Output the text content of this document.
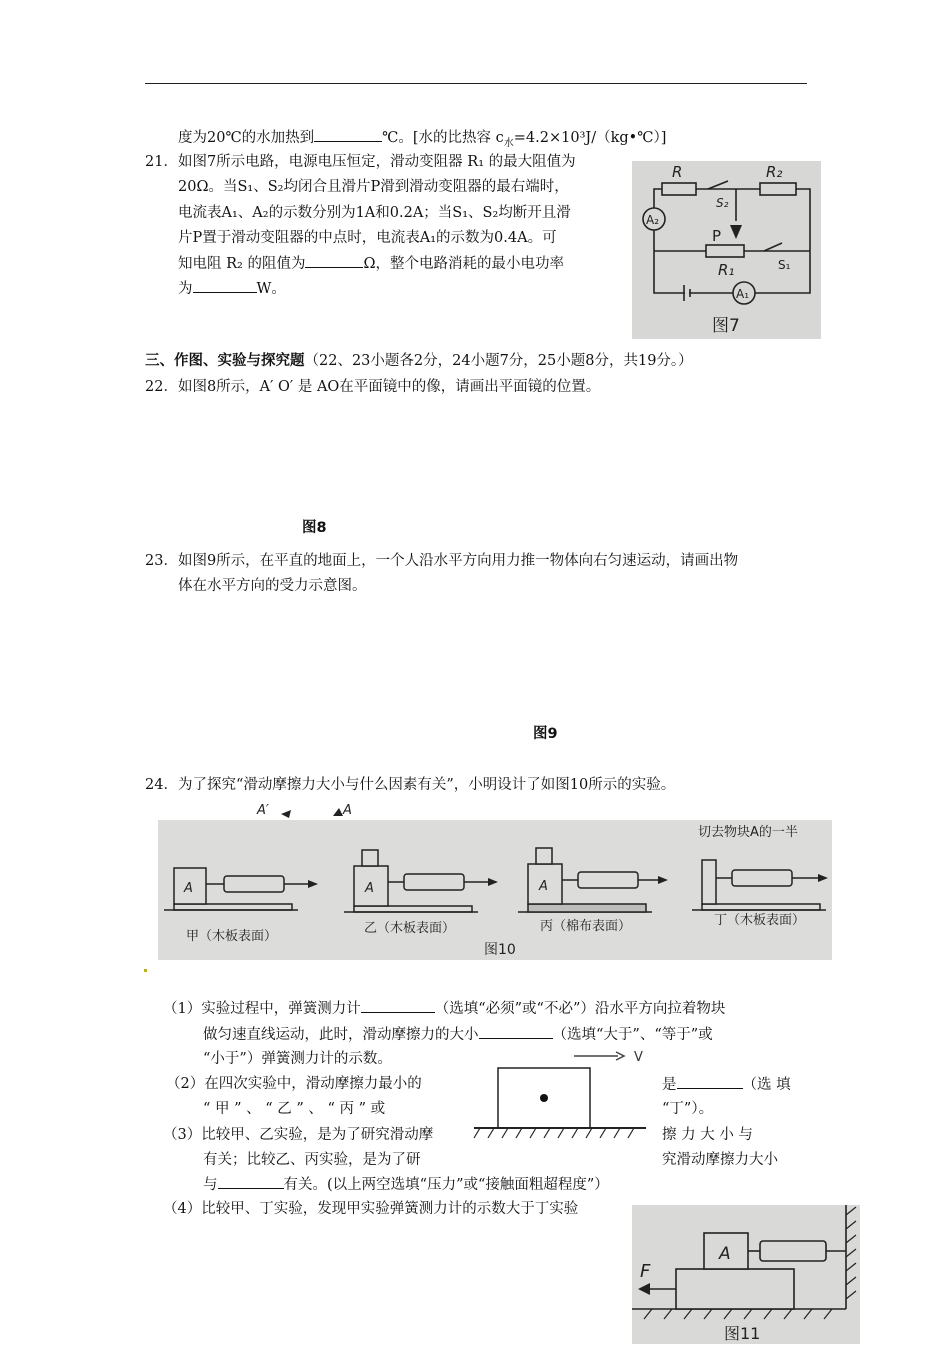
度为20℃的水加热到	℃。[水的比热容 $c_水=4.2\times 10^3J/(kg•℃)$]
21．如图7所示电路，电源电压恒定，滑动变阻器 R₁ 的最大阻值为
20Ω。当S₁、S₂均闭合且滑片P滑到滑动变阻器的最右端时，
电流表A₁、A₂的示数分别为1A和0.2A；当S₁、S₂均断开且滑
片P置于滑动变阻器的中点时，电流表A₁的示数为0.4A。可
知电阻 R₂ 的阻值为	Ω，整个电路消耗的最小电功率
为	W。
R	R₂
S₂
A₂
P
R₁	S₁
A₁
图7
三、作图、实验与探究题（22、23小题各2分，24小题7分，25小题8分，共19分。）
22．如图8所示，A′ O′ 是 AO在平面镜中的像，请画出平面镜的位置。
图8
23．如图9所示，在平直的地面上，一个人沿水平方向用力推一物体向右匀速运动，请画出物
体在水平方向的受力示意图。
图9
24．为了探究“滑动摩擦力大小与什么因素有关”，小明设计了如图10所示的实验。
A′	A
A	A	A
切去物块A的一半
甲（木板表面）
乙（木板表面）	丙（棉布表面）	丁（木板表面）
图10
（1）实验过程中，弹簧测力计	（选填“必须”或“不必”）沿水平方向拉着物块
做匀速直线运动，此时，滑动摩擦力的大小	（选填“大于”、“等于”或
“小于”）弹簧测力计的示数。	V
（2）在四次实验中，滑动摩擦力最小的	是	（选 填
“ 甲 ” 、 “ 乙 ” 、 “ 丙 ” 或	“丁”）。
（3）比较甲、乙实验，是为了研究滑动摩	擦 力 大 小 与
有关；比较乙、丙实验，是为了研	究滑动摩擦力大小
与	有关。(以上两空选填“压力”或“接触面粗超程度”）
（4）比较甲、丁实验，发现甲实验弹簧测力计的示数大于丁实验
A
F
图11
